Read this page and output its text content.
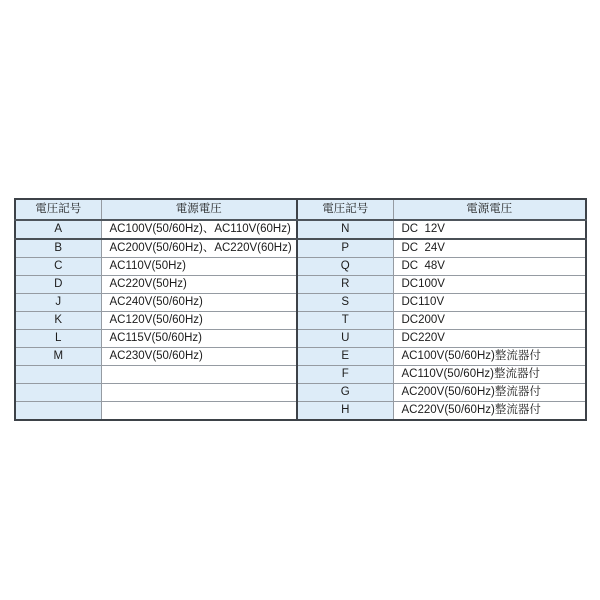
電圧記号	電源電圧	電圧記号	電源電圧
A	AC100V(50/60Hz)、AC110V(60Hz)	N	DC  12V
B	AC200V(50/60Hz)、AC220V(60Hz)	P	DC  24V
C	AC110V(50Hz)	Q	DC  48V
D	AC220V(50Hz)	R	DC100V
J	AC240V(50/60Hz)	S	DC110V
K	AC120V(50/60Hz)	T	DC200V
L	AC115V(50/60Hz)	U	DC220V
M	AC230V(50/60Hz)	E	AC100V(50/60Hz)整流器付
		F	AC110V(50/60Hz)整流器付
		G	AC200V(50/60Hz)整流器付
		H	AC220V(50/60Hz)整流器付
